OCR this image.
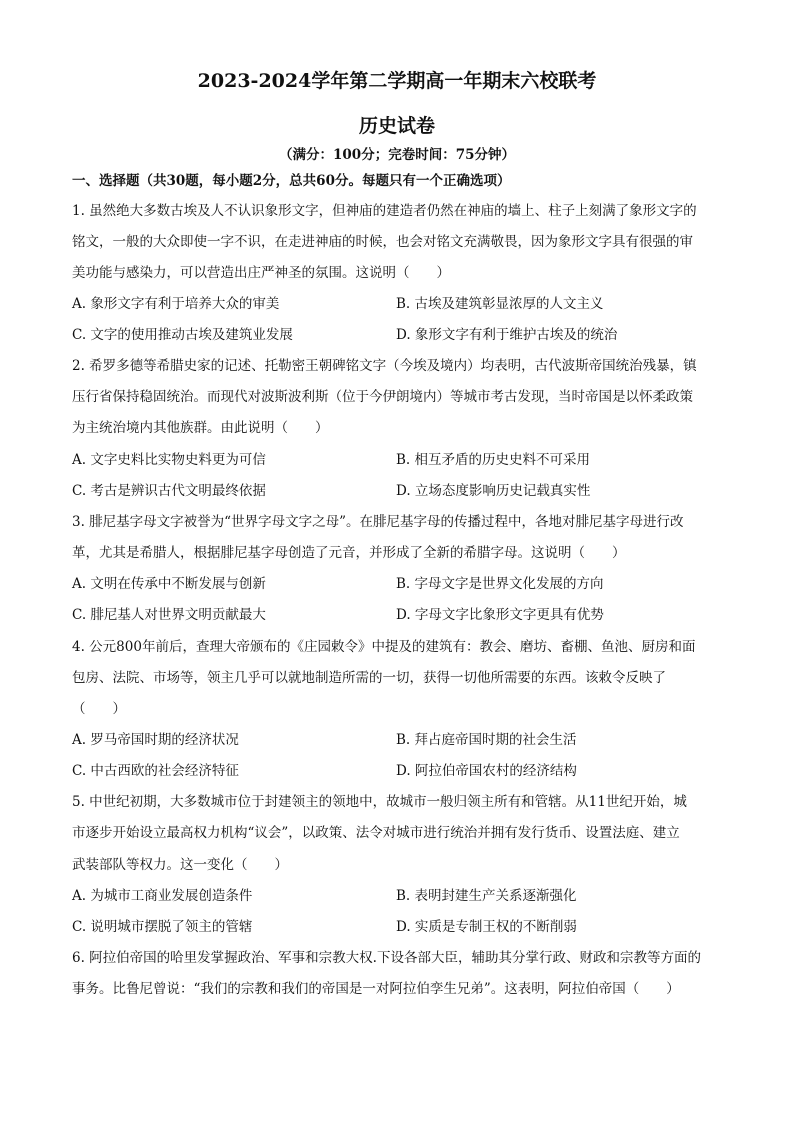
2023-2024学年第二学期高一年期末六校联考
历史试卷
（满分：100分；完卷时间：75分钟）
一、选择题（共30题，每小题2分，总共60分。每题只有一个正确选项）
1. 虽然绝大多数古埃及人不认识象形文字，但神庙的建造者仍然在神庙的墙上、柱子上刻满了象形文字的
铭文，一般的大众即使一字不识，在走进神庙的时候，也会对铭文充满敬畏，因为象形文字具有很强的审
美功能与感染力，可以营造出庄严神圣的氛围。这说明（　　）
A. 象形文字有利于培养大众的审美	B. 古埃及建筑彰显浓厚的人文主义
C. 文字的使用推动古埃及建筑业发展	D. 象形文字有利于维护古埃及的统治
2. 希罗多德等希腊史家的记述、托勒密王朝碑铭文字（今埃及境内）均表明，古代波斯帝国统治残暴，镇
压行省保持稳固统治。而现代对波斯波利斯（位于今伊朗境内）等城市考古发现，当时帝国是以怀柔政策
为主统治境内其他族群。由此说明（　　）
A. 文字史料比实物史料更为可信	B. 相互矛盾的历史史料不可采用
C. 考古是辨识古代文明最终依据	D. 立场态度影响历史记载真实性
3. 腓尼基字母文字被誉为“世界字母文字之母”。在腓尼基字母的传播过程中，各地对腓尼基字母进行改
革，尤其是希腊人，根据腓尼基字母创造了元音，并形成了全新的希腊字母。这说明（　　）
A. 文明在传承中不断发展与创新	B. 字母文字是世界文化发展的方向
C. 腓尼基人对世界文明贡献最大	D. 字母文字比象形文字更具有优势
4. 公元800年前后，查理大帝颁布的《庄园敕令》中提及的建筑有：教会、磨坊、畜棚、鱼池、厨房和面
包房、法院、市场等，领主几乎可以就地制造所需的一切，获得一切他所需要的东西。该敕令反映了
（　　）
A. 罗马帝国时期的经济状况	B. 拜占庭帝国时期的社会生活
C. 中古西欧的社会经济特征	D. 阿拉伯帝国农村的经济结构
5. 中世纪初期，大多数城市位于封建领主的领地中，故城市一般归领主所有和管辖。从11世纪开始，城
市逐步开始设立最高权力机构“议会”，以政策、法令对城市进行统治并拥有发行货币、设置法庭、建立
武装部队等权力。这一变化（　　）
A. 为城市工商业发展创造条件	B. 表明封建生产关系逐渐强化
C. 说明城市摆脱了领主的管辖	D. 实质是专制王权的不断削弱
6. 阿拉伯帝国的哈里发掌握政治、军事和宗教大权.下设各部大臣，辅助其分掌行政、财政和宗教等方面的
事务。比鲁尼曾说：“我们的宗教和我们的帝国是一对阿拉伯孪生兄弟”。这表明，阿拉伯帝国（　　）
